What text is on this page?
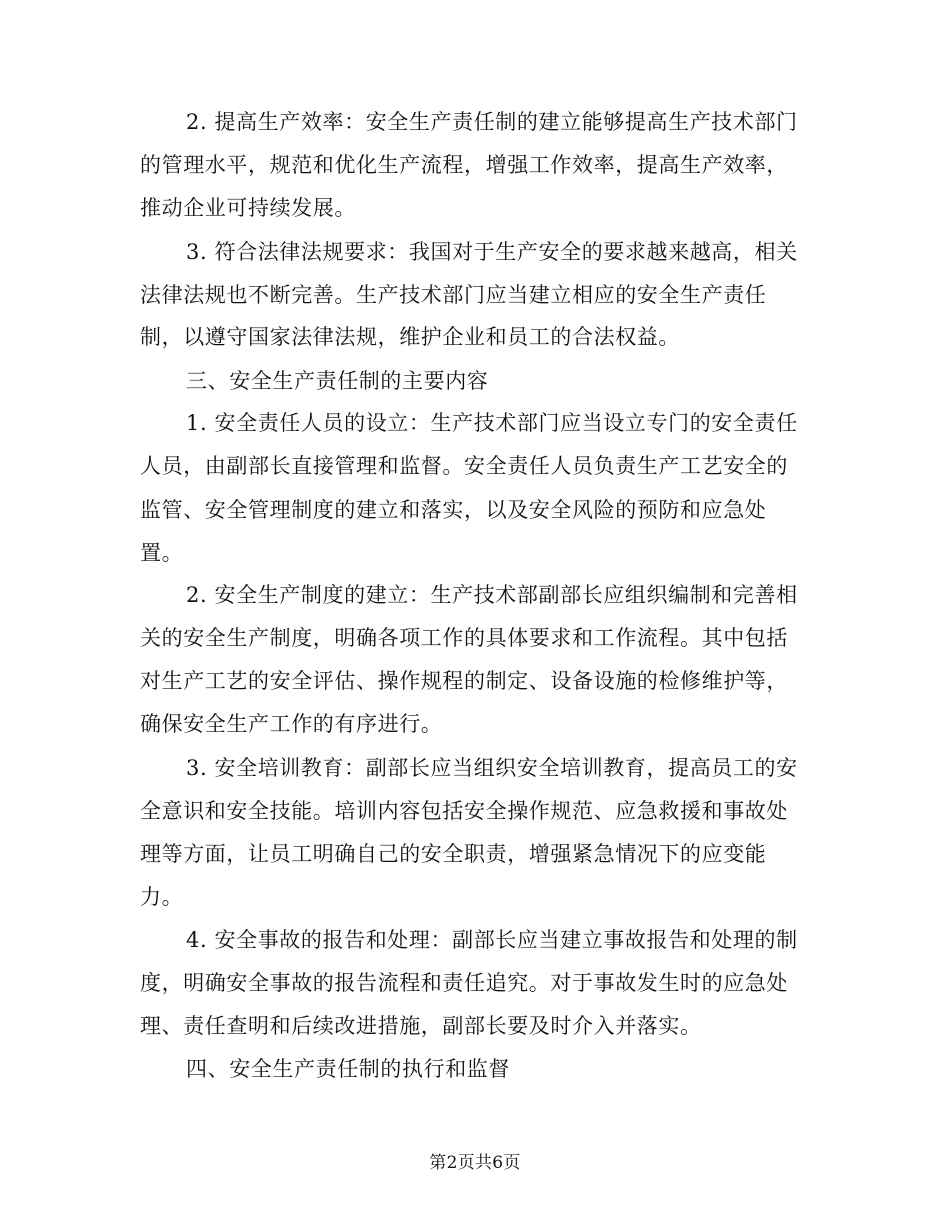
2. 提高生产效率：安全生产责任制的建立能够提高生产技术部门
的管理水平，规范和优化生产流程，增强工作效率，提高生产效率，
推动企业可持续发展。
3. 符合法律法规要求：我国对于生产安全的要求越来越高，相关
法律法规也不断完善。生产技术部门应当建立相应的安全生产责任
制，以遵守国家法律法规，维护企业和员工的合法权益。
三、安全生产责任制的主要内容
1. 安全责任人员的设立：生产技术部门应当设立专门的安全责任
人员，由副部长直接管理和监督。安全责任人员负责生产工艺安全的
监管、安全管理制度的建立和落实，以及安全风险的预防和应急处
置。
2. 安全生产制度的建立：生产技术部副部长应组织编制和完善相
关的安全生产制度，明确各项工作的具体要求和工作流程。其中包括
对生产工艺的安全评估、操作规程的制定、设备设施的检修维护等，
确保安全生产工作的有序进行。
3. 安全培训教育：副部长应当组织安全培训教育，提高员工的安
全意识和安全技能。培训内容包括安全操作规范、应急救援和事故处
理等方面，让员工明确自己的安全职责，增强紧急情况下的应变能
力。
4. 安全事故的报告和处理：副部长应当建立事故报告和处理的制
度，明确安全事故的报告流程和责任追究。对于事故发生时的应急处
理、责任查明和后续改进措施，副部长要及时介入并落实。
四、安全生产责任制的执行和监督
第2页共6页
